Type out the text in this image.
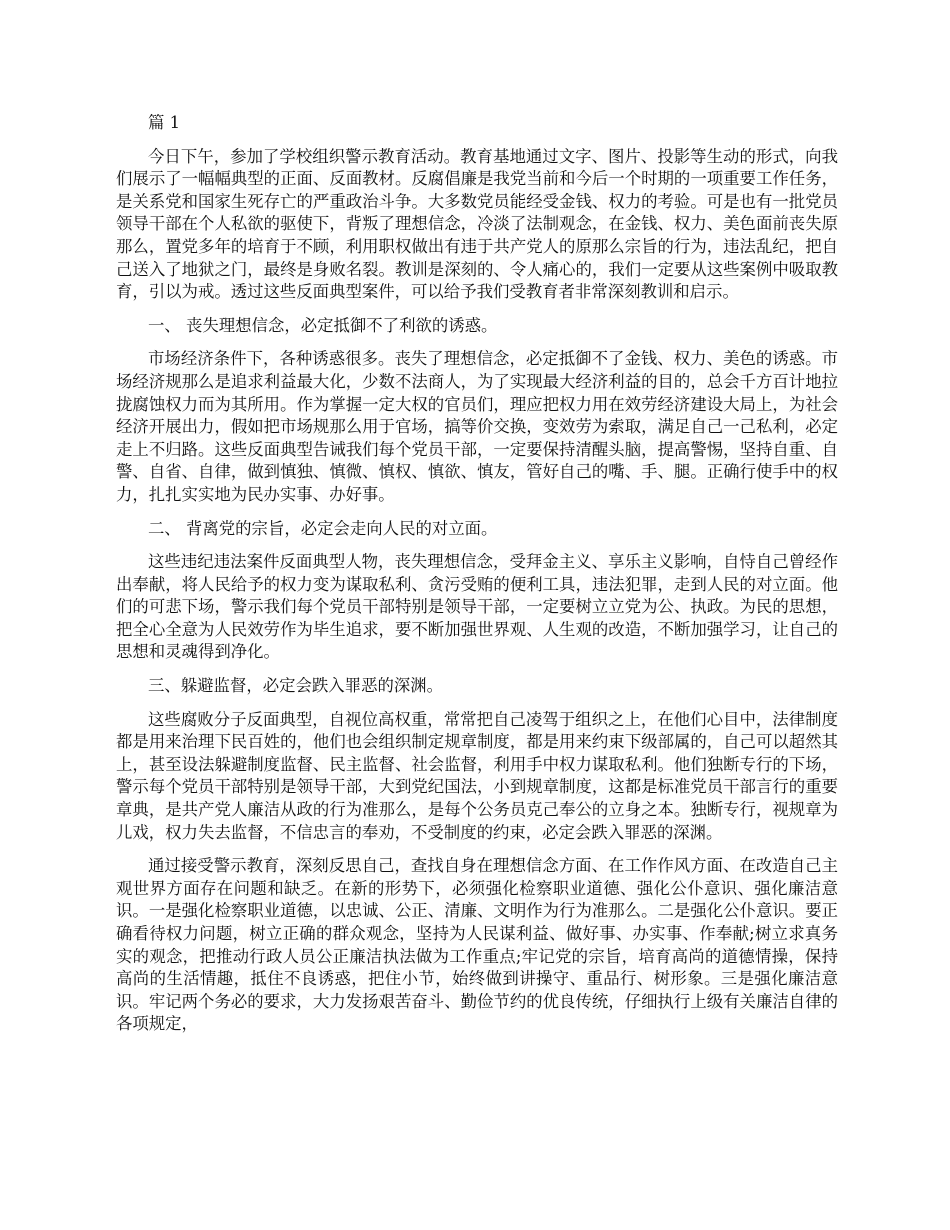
篇 1

今日下午，参加了学校组织警示教育活动。教育基地通过文字、图片、投影等生动的形式，向我们展示了一幅幅典型的正面、反面教材。反腐倡廉是我党当前和今后一个时期的一项重要工作任务，是关系党和国家生死存亡的严重政治斗争。大多数党员能经受金钱、权力的考验。可是也有一批党员领导干部在个人私欲的驱使下，背叛了理想信念，冷淡了法制观念，在金钱、权力、美色面前丧失原那么，置党多年的培育于不顾，利用职权做出有违于共产党人的原那么宗旨的行为，违法乱纪，把自己送入了地狱之门，最终是身败名裂。教训是深刻的、令人痛心的，我们一定要从这些案例中吸取教育，引以为戒。透过这些反面典型案件，可以给予我们受教育者非常深刻教训和启示。

一、 丧失理想信念，必定抵御不了利欲的诱惑。

市场经济条件下，各种诱惑很多。丧失了理想信念，必定抵御不了金钱、权力、美色的诱惑。市场经济规那么是追求利益最大化，少数不法商人，为了实现最大经济利益的目的，总会千方百计地拉拢腐蚀权力而为其所用。作为掌握一定大权的官员们，理应把权力用在效劳经济建设大局上，为社会经济开展出力，假如把市场规那么用于官场，搞等价交换，变效劳为索取，满足自己一己私利，必定走上不归路。这些反面典型告诫我们每个党员干部，一定要保持清醒头脑，提高警惕，坚持自重、自警、自省、自律，做到慎独、慎微、慎权、慎欲、慎友，管好自己的嘴、手、腿。正确行使手中的权力，扎扎实实地为民办实事、办好事。

二、 背离党的宗旨，必定会走向人民的对立面。

这些违纪违法案件反面典型人物，丧失理想信念，受拜金主义、享乐主义影响，自恃自己曾经作出奉献，将人民给予的权力变为谋取私利、贪污受贿的便利工具，违法犯罪，走到人民的对立面。他们的可悲下场，警示我们每个党员干部特别是领导干部，一定要树立立党为公、执政。为民的思想，把全心全意为人民效劳作为毕生追求，要不断加强世界观、人生观的改造，不断加强学习，让自己的思想和灵魂得到净化。

三、躲避监督，必定会跌入罪恶的深渊。

这些腐败分子反面典型，自视位高权重，常常把自己凌驾于组织之上，在他们心目中，法律制度都是用来治理下民百姓的，他们也会组织制定规章制度，都是用来约束下级部属的，自己可以超然其上，甚至设法躲避制度监督、民主监督、社会监督，利用手中权力谋取私利。他们独断专行的下场，警示每个党员干部特别是领导干部，大到党纪国法，小到规章制度，这都是标准党员干部言行的重要章典，是共产党人廉洁从政的行为准那么，是每个公务员克己奉公的立身之本。独断专行，视规章为儿戏，权力失去监督，不信忠言的奉劝，不受制度的约束，必定会跌入罪恶的深渊。

通过接受警示教育，深刻反思自己，查找自身在理想信念方面、在工作作风方面、在改造自己主观世界方面存在问题和缺乏。在新的形势下，必须强化检察职业道德、强化公仆意识、强化廉洁意识。一是强化检察职业道德，以忠诚、公正、清廉、文明作为行为准那么。二是强化公仆意识。要正确看待权力问题，树立正确的群众观念，坚持为人民谋利益、做好事、办实事、作奉献;树立求真务实的观念，把推动行政人员公正廉洁执法做为工作重点;牢记党的宗旨，培育高尚的道德情操，保持高尚的生活情趣，抵住不良诱惑，把住小节，始终做到讲操守、重品行、树形象。三是强化廉洁意识。牢记两个务必的要求，大力发扬艰苦奋斗、勤俭节约的优良传统，仔细执行上级有关廉洁自律的各项规定，
